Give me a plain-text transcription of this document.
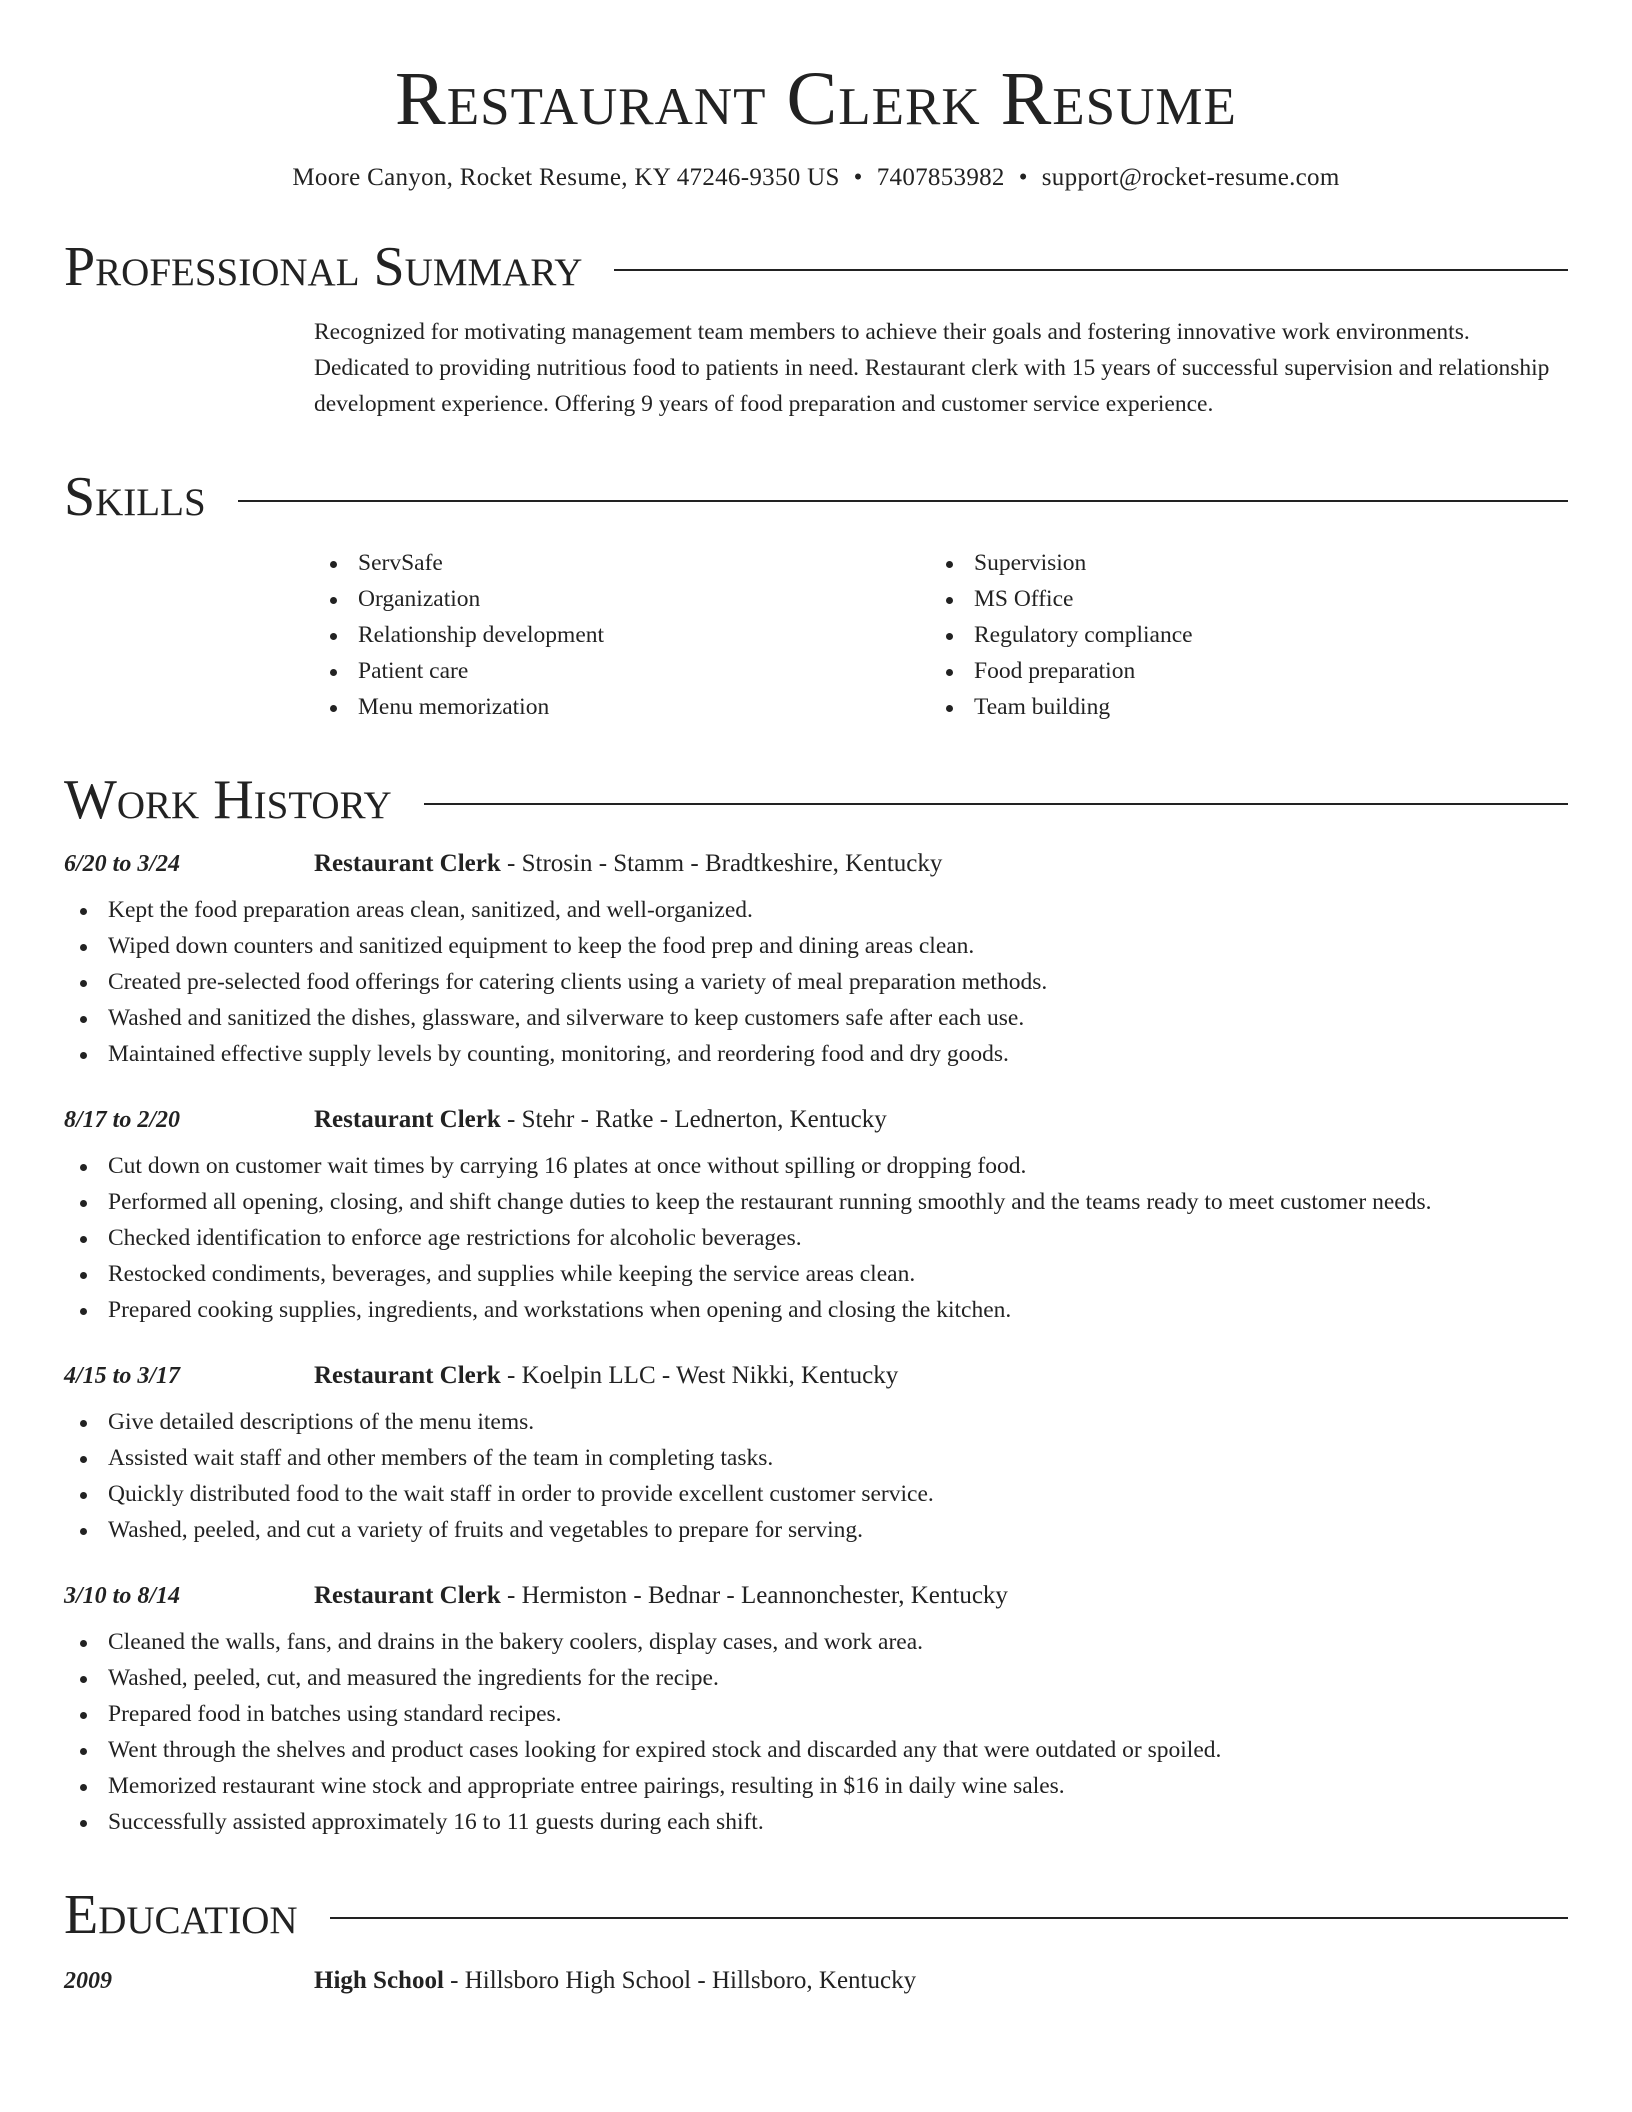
Restaurant Clerk Resume
Moore Canyon, Rocket Resume, KY 47246-9350 US • 7407853982 • support@rocket-resume.com
Professional Summary
Recognized for motivating management team members to achieve their goals and fostering innovative work environments. Dedicated to providing nutritious food to patients in need. Restaurant clerk with 15 years of successful supervision and relationship development experience. Offering 9 years of food preparation and customer service experience.
Skills
ServSafe
Organization
Relationship development
Patient care
Menu memorization
Supervision
MS Office
Regulatory compliance
Food preparation
Team building
Work History
6/20 to 3/24	Restaurant Clerk - Strosin - Stamm - Bradtkeshire, Kentucky
Kept the food preparation areas clean, sanitized, and well-organized.
Wiped down counters and sanitized equipment to keep the food prep and dining areas clean.
Created pre-selected food offerings for catering clients using a variety of meal preparation methods.
Washed and sanitized the dishes, glassware, and silverware to keep customers safe after each use.
Maintained effective supply levels by counting, monitoring, and reordering food and dry goods.
8/17 to 2/20	Restaurant Clerk - Stehr - Ratke - Lednerton, Kentucky
Cut down on customer wait times by carrying 16 plates at once without spilling or dropping food.
Performed all opening, closing, and shift change duties to keep the restaurant running smoothly and the teams ready to meet customer needs.
Checked identification to enforce age restrictions for alcoholic beverages.
Restocked condiments, beverages, and supplies while keeping the service areas clean.
Prepared cooking supplies, ingredients, and workstations when opening and closing the kitchen.
4/15 to 3/17	Restaurant Clerk - Koelpin LLC - West Nikki, Kentucky
Give detailed descriptions of the menu items.
Assisted wait staff and other members of the team in completing tasks.
Quickly distributed food to the wait staff in order to provide excellent customer service.
Washed, peeled, and cut a variety of fruits and vegetables to prepare for serving.
3/10 to 8/14	Restaurant Clerk - Hermiston - Bednar - Leannonchester, Kentucky
Cleaned the walls, fans, and drains in the bakery coolers, display cases, and work area.
Washed, peeled, cut, and measured the ingredients for the recipe.
Prepared food in batches using standard recipes.
Went through the shelves and product cases looking for expired stock and discarded any that were outdated or spoiled.
Memorized restaurant wine stock and appropriate entree pairings, resulting in $16 in daily wine sales.
Successfully assisted approximately 16 to 11 guests during each shift.
Education
2009	High School - Hillsboro High School - Hillsboro, Kentucky
